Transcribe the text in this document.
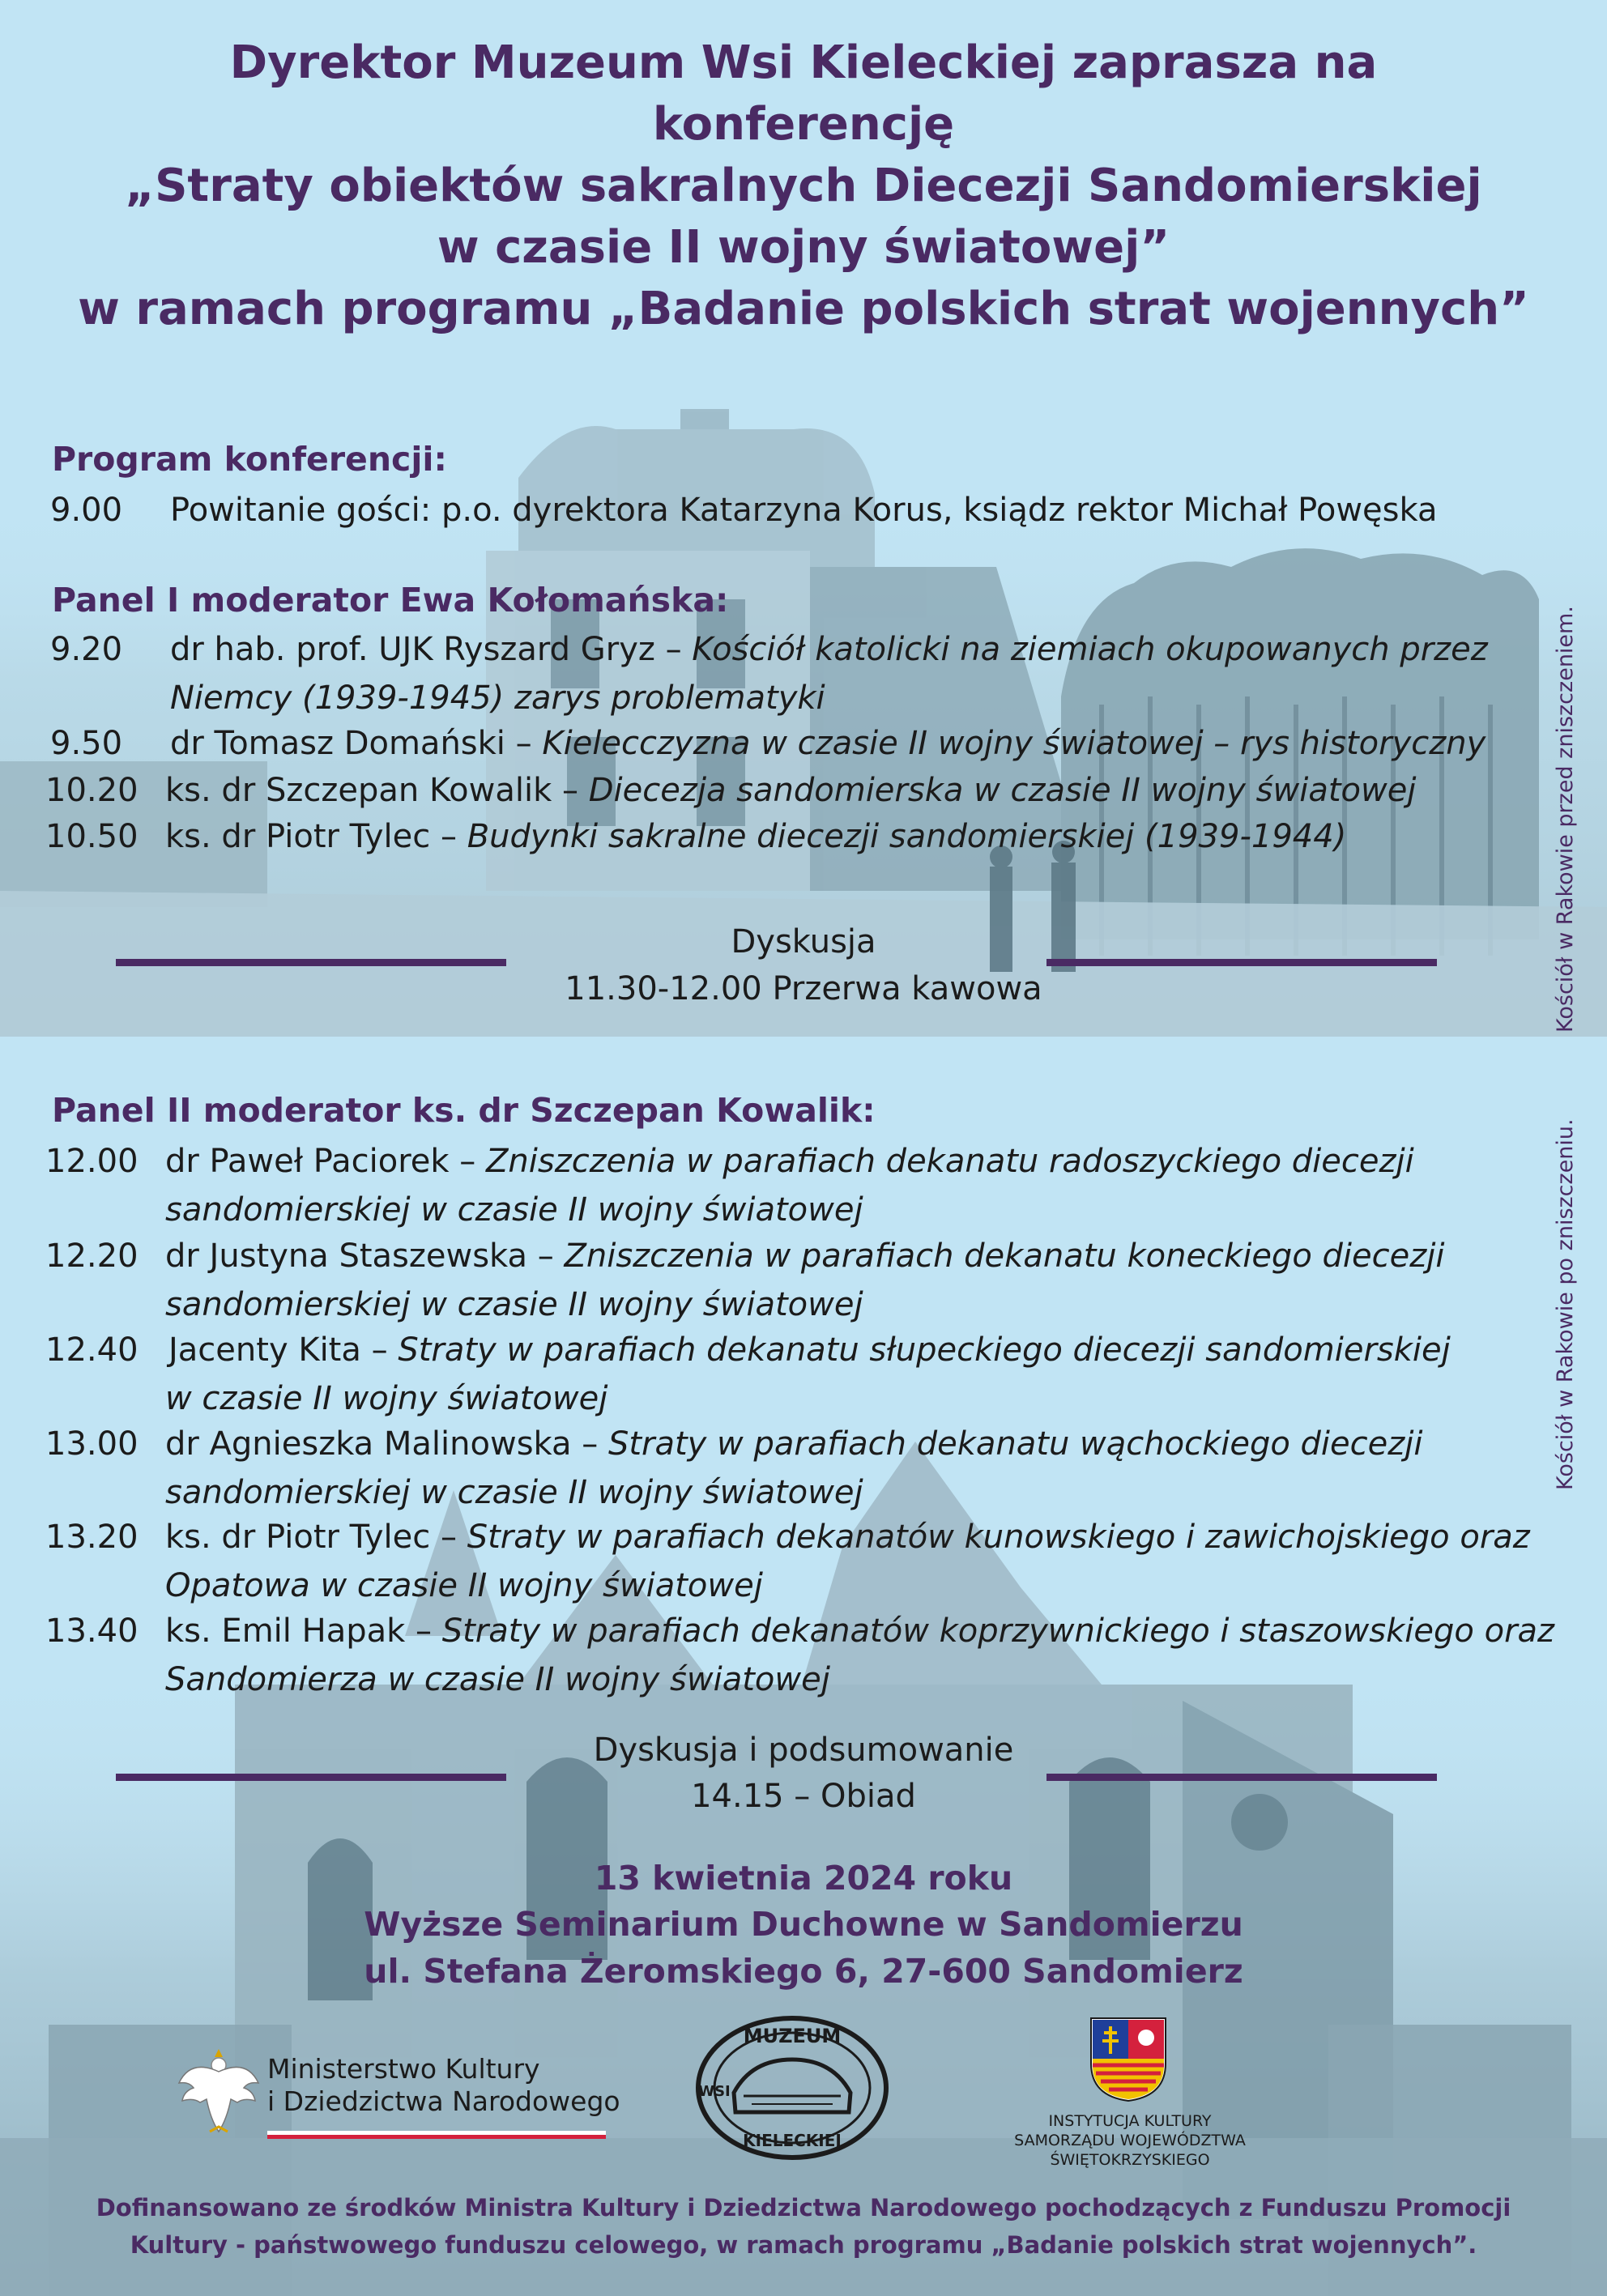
Dyrektor Muzeum Wsi Kieleckiej zaprasza na
konferencję
„Straty obiektów sakralnych Diecezji Sandomierskiej
w czasie II wojny światowej”
w ramach programu „Badanie polskich strat wojennych”
Program konferencji:
9.00 Powitanie gości: p.o. dyrektora Katarzyna Korus, ksiądz rektor Michał Powęska
Panel I moderator Ewa Kołomańska:
9.20 dr hab. prof. UJK Ryszard Gryz – Kościół katolicki na ziemiach okupowanych przez
Niemcy (1939-1945) zarys problematyki
9.50 dr Tomasz Domański – Kielecczyzna w czasie II wojny światowej – rys historyczny
10.20 ks. dr Szczepan Kowalik – Diecezja sandomierska w czasie II wojny światowej
10.50 ks. dr Piotr Tylec – Budynki sakralne diecezji sandomierskiej (1939-1944)
Dyskusja
11.30-12.00 Przerwa kawowa
Panel II moderator ks. dr Szczepan Kowalik:
12.00 dr Paweł Paciorek – Zniszczenia w parafiach dekanatu radoszyckiego diecezji
sandomierskiej w czasie II wojny światowej
12.20 dr Justyna Staszewska – Zniszczenia w parafiach dekanatu koneckiego diecezji
sandomierskiej w czasie II wojny światowej
12.40 Jacenty Kita – Straty w parafiach dekanatu słupeckiego diecezji sandomierskiej
w czasie II wojny światowej
13.00 dr Agnieszka Malinowska – Straty w parafiach dekanatu wąchockiego diecezji
sandomierskiej w czasie II wojny światowej
13.20 ks. dr Piotr Tylec – Straty w parafiach dekanatów kunowskiego i zawichojskiego oraz
Opatowa w czasie II wojny światowej
13.40 ks. Emil Hapak – Straty w parafiach dekanatów koprzywnickiego i staszowskiego oraz
Sandomierza w czasie II wojny światowej
Dyskusja i podsumowanie
14.15 – Obiad
13 kwietnia 2024 roku
Wyższe Seminarium Duchowne w Sandomierzu
ul. Stefana Żeromskiego 6, 27-600 Sandomierz
Kościół w Rakowie przed zniszczeniem.
Kościół w Rakowie po zniszczeniu.
Ministerstwo Kultury
i Dziedzictwa Narodowego
MUZEUM
WSI
KIELECKIEJ
INSTYTUCJA KULTURY
SAMORZĄDU WOJEWÓDZTWA
ŚWIĘTOKRZYSKIEGO
Dofinansowano ze środków Ministra Kultury i Dziedzictwa Narodowego pochodzących z Funduszu Promocji
Kultury - państwowego funduszu celowego, w ramach programu „Badanie polskich strat wojennych”.
